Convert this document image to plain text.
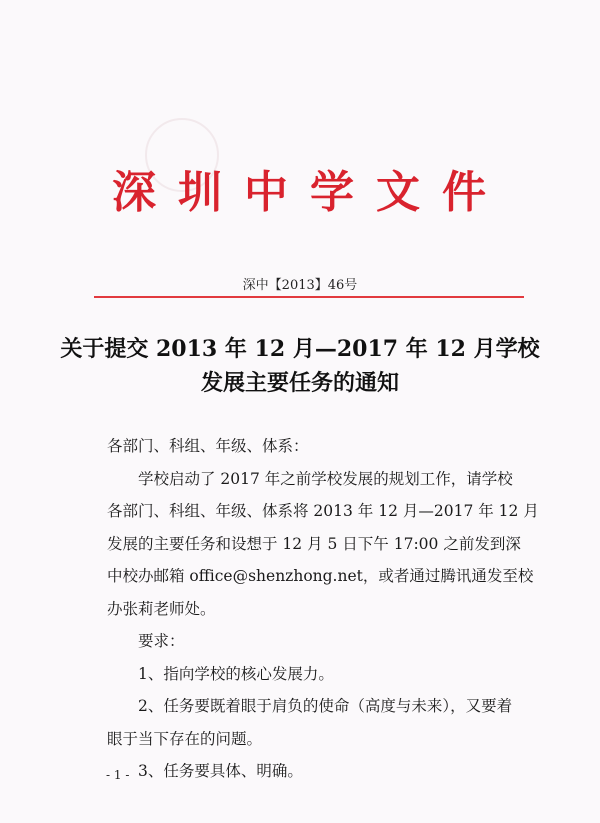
深圳中学文件
深中【2013】46号
关于提交 2013 年 12 月—2017 年 12 月学校
发展主要任务的通知

各部门、科组、年级、体系：

学校启动了 2017 年之前学校发展的规划工作，请学校

各部门、科组、年级、体系将 2013 年 12 月—2017 年 12 月

发展的主要任务和设想于 12 月 5 日下午 17:00 之前发到深

中校办邮箱 office@shenzhong.net，或者通过腾讯通发至校

办张莉老师处。

要求：

1、指向学校的核心发展力。

2、任务要既着眼于肩负的使命（高度与未来），又要着

眼于当下存在的问题。

3、任务要具体、明确。

- 1 -
